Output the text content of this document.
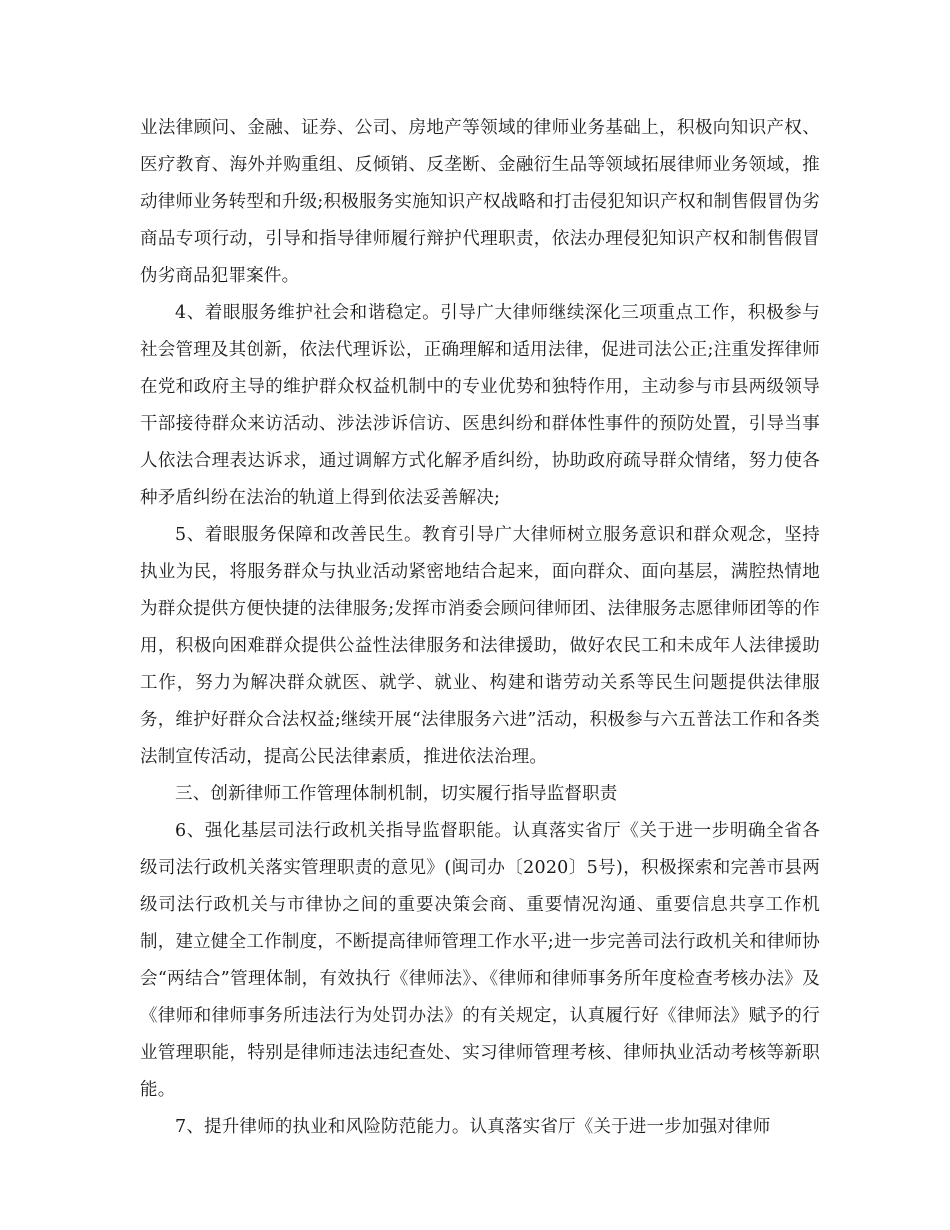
业法律顾问、金融、证券、公司、房地产等领域的律师业务基础上，积极向知识产权、医疗教育、海外并购重组、反倾销、反垄断、金融衍生品等领域拓展律师业务领域，推动律师业务转型和升级;积极服务实施知识产权战略和打击侵犯知识产权和制售假冒伪劣商品专项行动，引导和指导律师履行辩护代理职责，依法办理侵犯知识产权和制售假冒伪劣商品犯罪案件。

4、着眼服务维护社会和谐稳定。引导广大律师继续深化三项重点工作，积极参与社会管理及其创新，依法代理诉讼，正确理解和适用法律，促进司法公正;注重发挥律师在党和政府主导的维护群众权益机制中的专业优势和独特作用，主动参与市县两级领导干部接待群众来访活动、涉法涉诉信访、医患纠纷和群体性事件的预防处置，引导当事人依法合理表达诉求，通过调解方式化解矛盾纠纷，协助政府疏导群众情绪，努力使各种矛盾纠纷在法治的轨道上得到依法妥善解决;

5、着眼服务保障和改善民生。教育引导广大律师树立服务意识和群众观念，坚持执业为民，将服务群众与执业活动紧密地结合起来，面向群众、面向基层，满腔热情地为群众提供方便快捷的法律服务;发挥市消委会顾问律师团、法律服务志愿律师团等的作用，积极向困难群众提供公益性法律服务和法律援助，做好农民工和未成年人法律援助工作，努力为解决群众就医、就学、就业、构建和谐劳动关系等民生问题提供法律服务，维护好群众合法权益;继续开展“法律服务六进”活动，积极参与六五普法工作和各类法制宣传活动，提高公民法律素质，推进依法治理。

三、创新律师工作管理体制机制，切实履行指导监督职责

6、强化基层司法行政机关指导监督职能。认真落实省厅《关于进一步明确全省各级司法行政机关落实管理职责的意见》(闽司办〔2020〕5号)，积极探索和完善市县两级司法行政机关与市律协之间的重要决策会商、重要情况沟通、重要信息共享工作机制，建立健全工作制度，不断提高律师管理工作水平;进一步完善司法行政机关和律师协会“两结合”管理体制，有效执行《律师法》、《律师和律师事务所年度检查考核办法》及《律师和律师事务所违法行为处罚办法》的有关规定，认真履行好《律师法》赋予的行业管理职能，特别是律师违法违纪查处、实习律师管理考核、律师执业活动考核等新职能。

7、提升律师的执业和风险防范能力。认真落实省厅《关于进一步加强对律师
